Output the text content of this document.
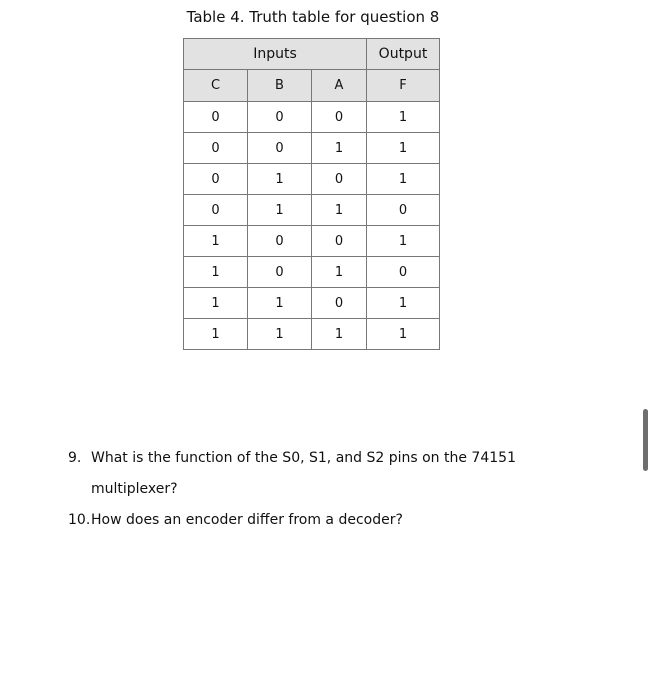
Table 4. Truth table for question 8
Inputs			Output
C	B	A	F
0	0	0	1
0	0	1	1
0	1	0	1
0	1	1	0
1	0	0	1
1	0	1	0
1	1	0	1
1	1	1	1
9. What is the function of the S0, S1, and S2 pins on the 74151
multiplexer?
10.How does an encoder differ from a decoder?
